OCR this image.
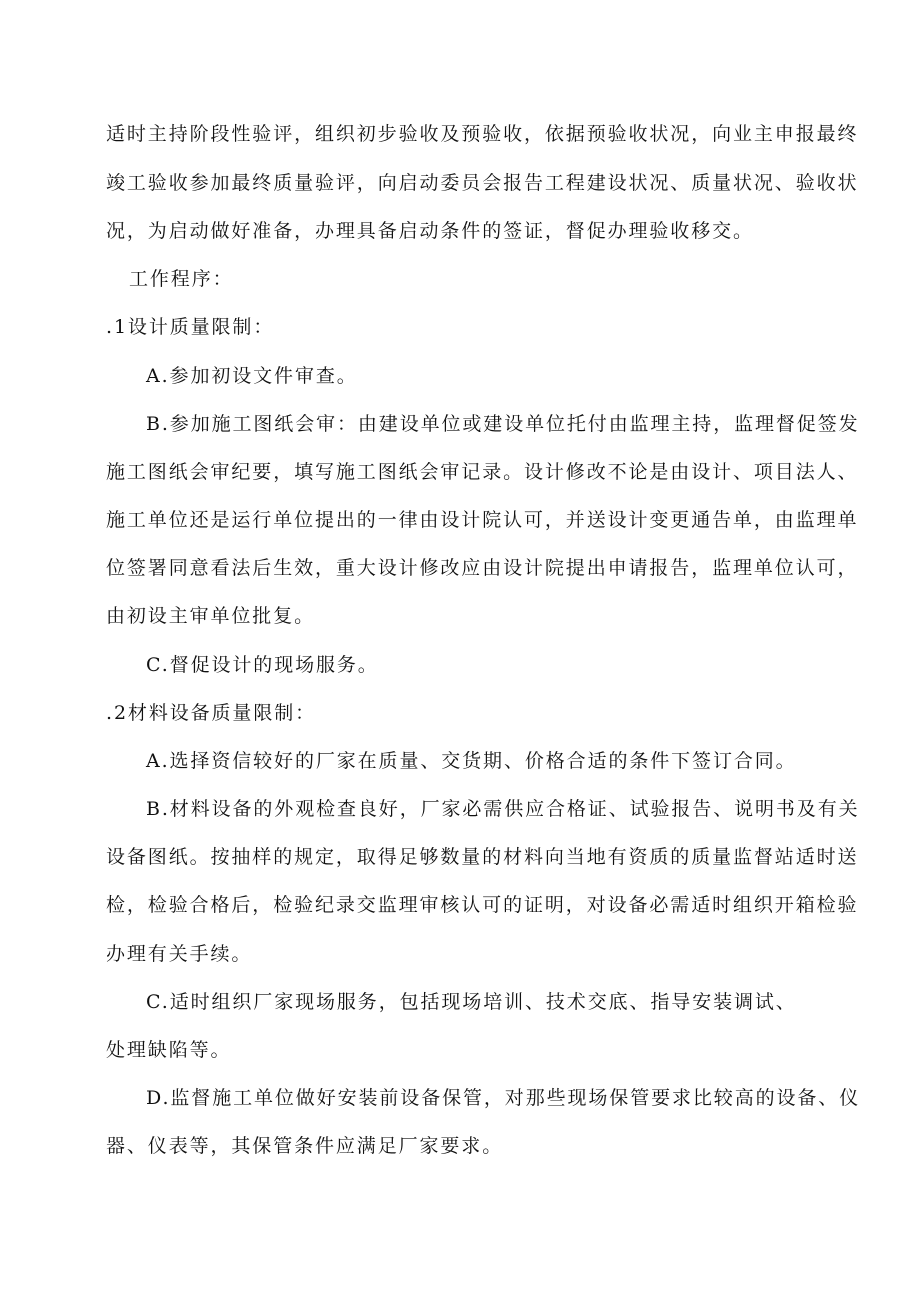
适时主持阶段性验评，组织初步验收及预验收，依据预验收状况，向业主申报最终
竣工验收参加最终质量验评，向启动委员会报告工程建设状况、质量状况、验收状
况，为启动做好准备，办理具备启动条件的签证，督促办理验收移交。
工作程序：
.1设计质量限制：
A.参加初设文件审查。
B.参加施工图纸会审：由建设单位或建设单位托付由监理主持，监理督促签发
施工图纸会审纪要，填写施工图纸会审记录。设计修改不论是由设计、项目法人、
施工单位还是运行单位提出的一律由设计院认可，并送设计变更通告单，由监理单
位签署同意看法后生效，重大设计修改应由设计院提出申请报告，监理单位认可，
由初设主审单位批复。
C.督促设计的现场服务。
.2材料设备质量限制：
A.选择资信较好的厂家在质量、交货期、价格合适的条件下签订合同。
B.材料设备的外观检查良好，厂家必需供应合格证、试验报告、说明书及有关
设备图纸。按抽样的规定，取得足够数量的材料向当地有资质的质量监督站适时送
检，检验合格后，检验纪录交监理审核认可的证明，对设备必需适时组织开箱检验
办理有关手续。
C.适时组织厂家现场服务，包括现场培训、技术交底、指导安装调试、
处理缺陷等。
D.监督施工单位做好安装前设备保管，对那些现场保管要求比较高的设备、仪
器、仪表等，其保管条件应满足厂家要求。
